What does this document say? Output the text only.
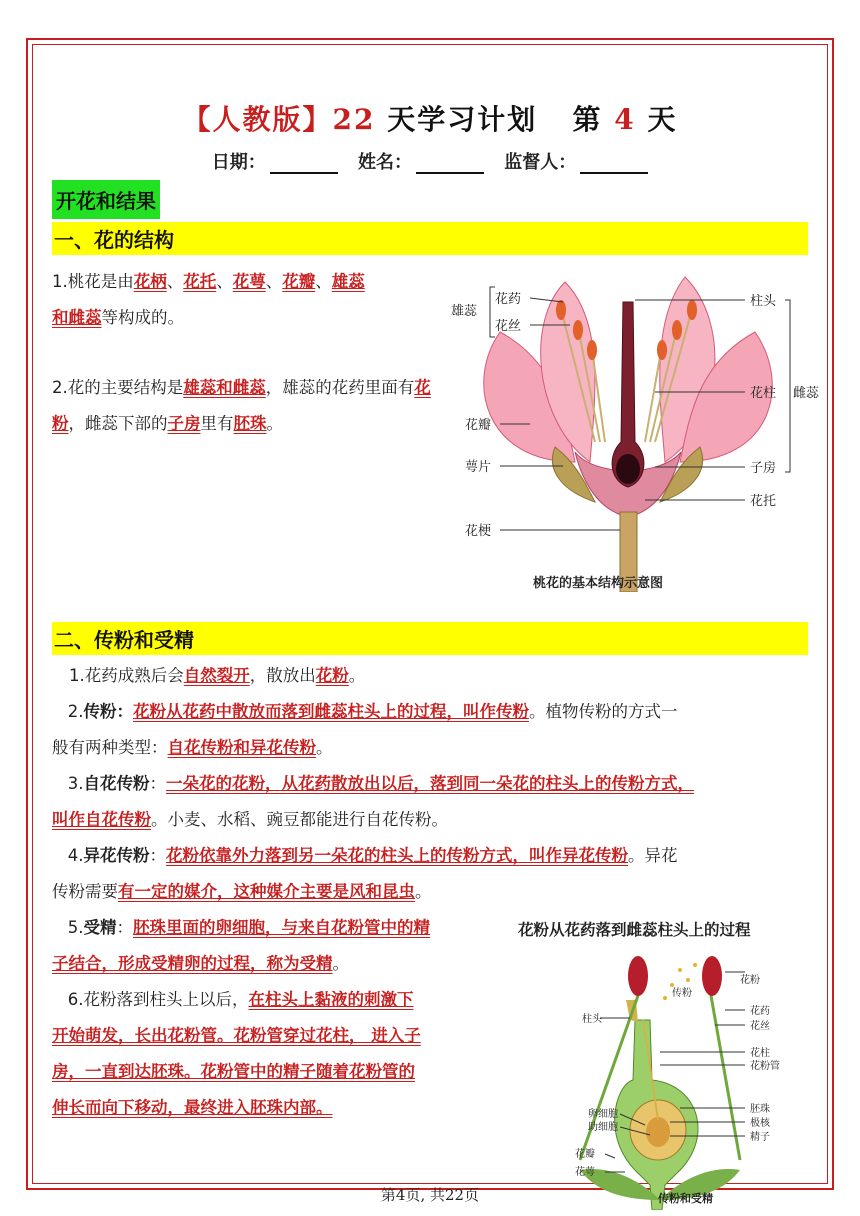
【人教版】22 天学习计划 第 4 天
日期：	姓名：	监督人：
开花和结果
一、花的结构
1.桃花是由花柄、花托、花萼、花瓣、雄蕊
和雌蕊等构成的。
2.花的主要结构是雄蕊和雌蕊，雄蕊的花药里面有花粉，雌蕊下部的子房里有胚珠。
雄蕊
花药
花丝
花瓣
萼片
花梗
柱头
花柱 雌蕊
子房
花托
桃花的基本结构示意图
二、传粉和受精
1.花药成熟后会自然裂开，散放出花粉。
2.传粉：花粉从花药中散放而落到雌蕊柱头上的过程，叫作传粉。植物传粉的方式一
般有两种类型：自花传粉和异花传粉。
3.自花传粉：一朵花的花粉，从花药散放出以后，落到同一朵花的柱头上的传粉方式，
叫作自花传粉。小麦、水稻、豌豆都能进行自花传粉。
4.异花传粉：花粉依靠外力落到另一朵花的柱头上的传粉方式，叫作异花传粉。异花
传粉需要有一定的媒介，这种媒介主要是风和昆虫。
5.受精：胚珠里面的卵细胞，与来自花粉管中的精
子结合，形成受精卵的过程，称为受精。
6.花粉落到柱头上以后，在柱头上黏液的刺激下
开始萌发，长出花粉管。花粉管穿过花柱， 进入子
房，一直到达胚珠。花粉管中的精子随着花粉管的
伸长而向下移动，最终进入胚珠内部。
花粉从花药落到雌蕊柱头上的过程
柱头
卵细胞
助细胞
花瓣
花萼
花粉
传粉
花药
花丝
花柱
花粉管
胚珠
极核
精子
传粉和受精
第4页, 共22页
